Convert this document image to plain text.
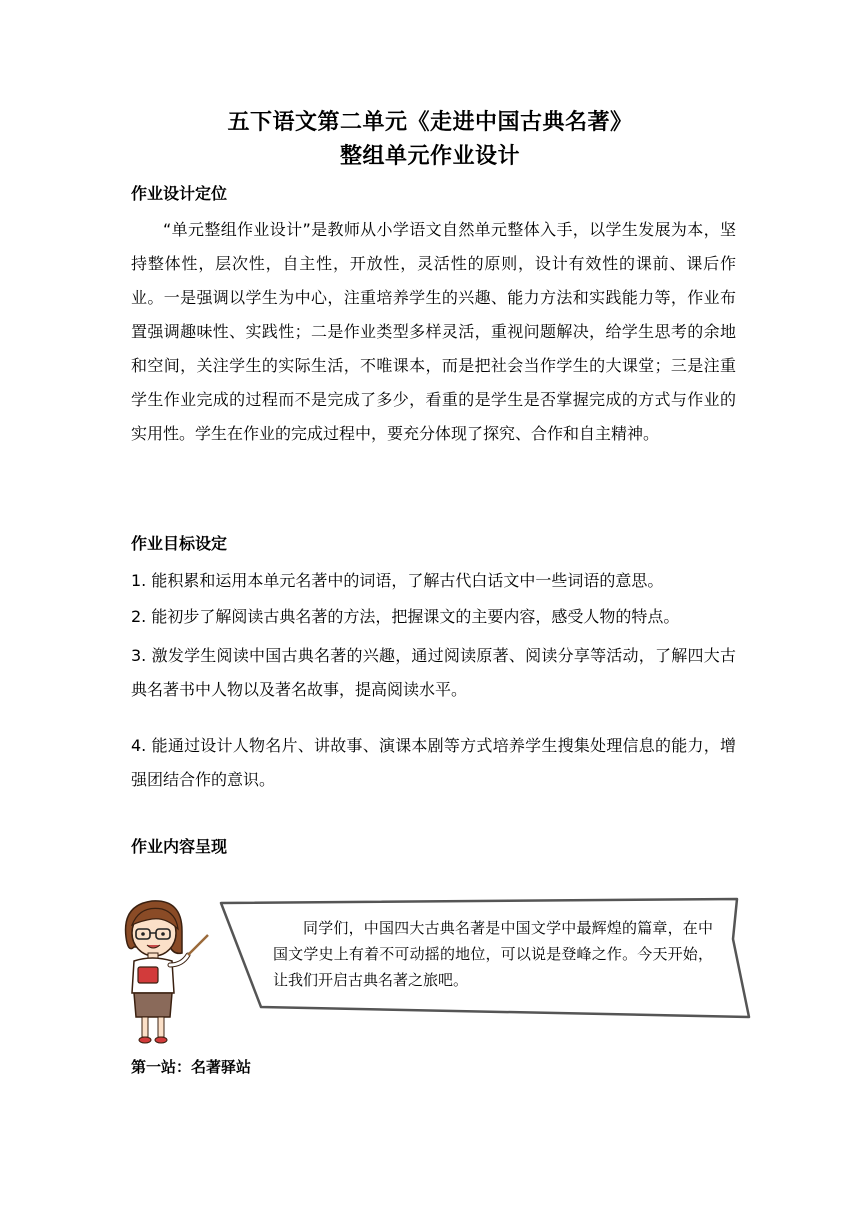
五下语文第二单元《走进中国古典名著》
整组单元作业设计
作业设计定位
“单元整组作业设计”是教师从小学语文自然单元整体入手，以学生发展为本，坚持整体性，层次性，自主性，开放性，灵活性的原则，设计有效性的课前、课后作业。一是强调以学生为中心，注重培养学生的兴趣、能力方法和实践能力等，作业布置强调趣味性、实践性；二是作业类型多样灵活，重视问题解决，给学生思考的余地和空间，关注学生的实际生活，不唯课本，而是把社会当作学生的大课堂；三是注重学生作业完成的过程而不是完成了多少，看重的是学生是否掌握完成的方式与作业的实用性。学生在作业的完成过程中，要充分体现了探究、合作和自主精神。
作业目标设定
1. 能积累和运用本单元名著中的词语，了解古代白话文中一些词语的意思。
2. 能初步了解阅读古典名著的方法，把握课文的主要内容，感受人物的特点。
3. 激发学生阅读中国古典名著的兴趣，通过阅读原著、阅读分享等活动，了解四大古典名著书中人物以及著名故事，提高阅读水平。
4. 能通过设计人物名片、讲故事、演课本剧等方式培养学生搜集处理信息的能力，增强团结合作的意识。
作业内容呈现
同学们，中国四大古典名著是中国文学中最辉煌的篇章，在中国文学史上有着不可动摇的地位，可以说是登峰之作。今天开始，让我们开启古典名著之旅吧。
第一站：名著驿站
